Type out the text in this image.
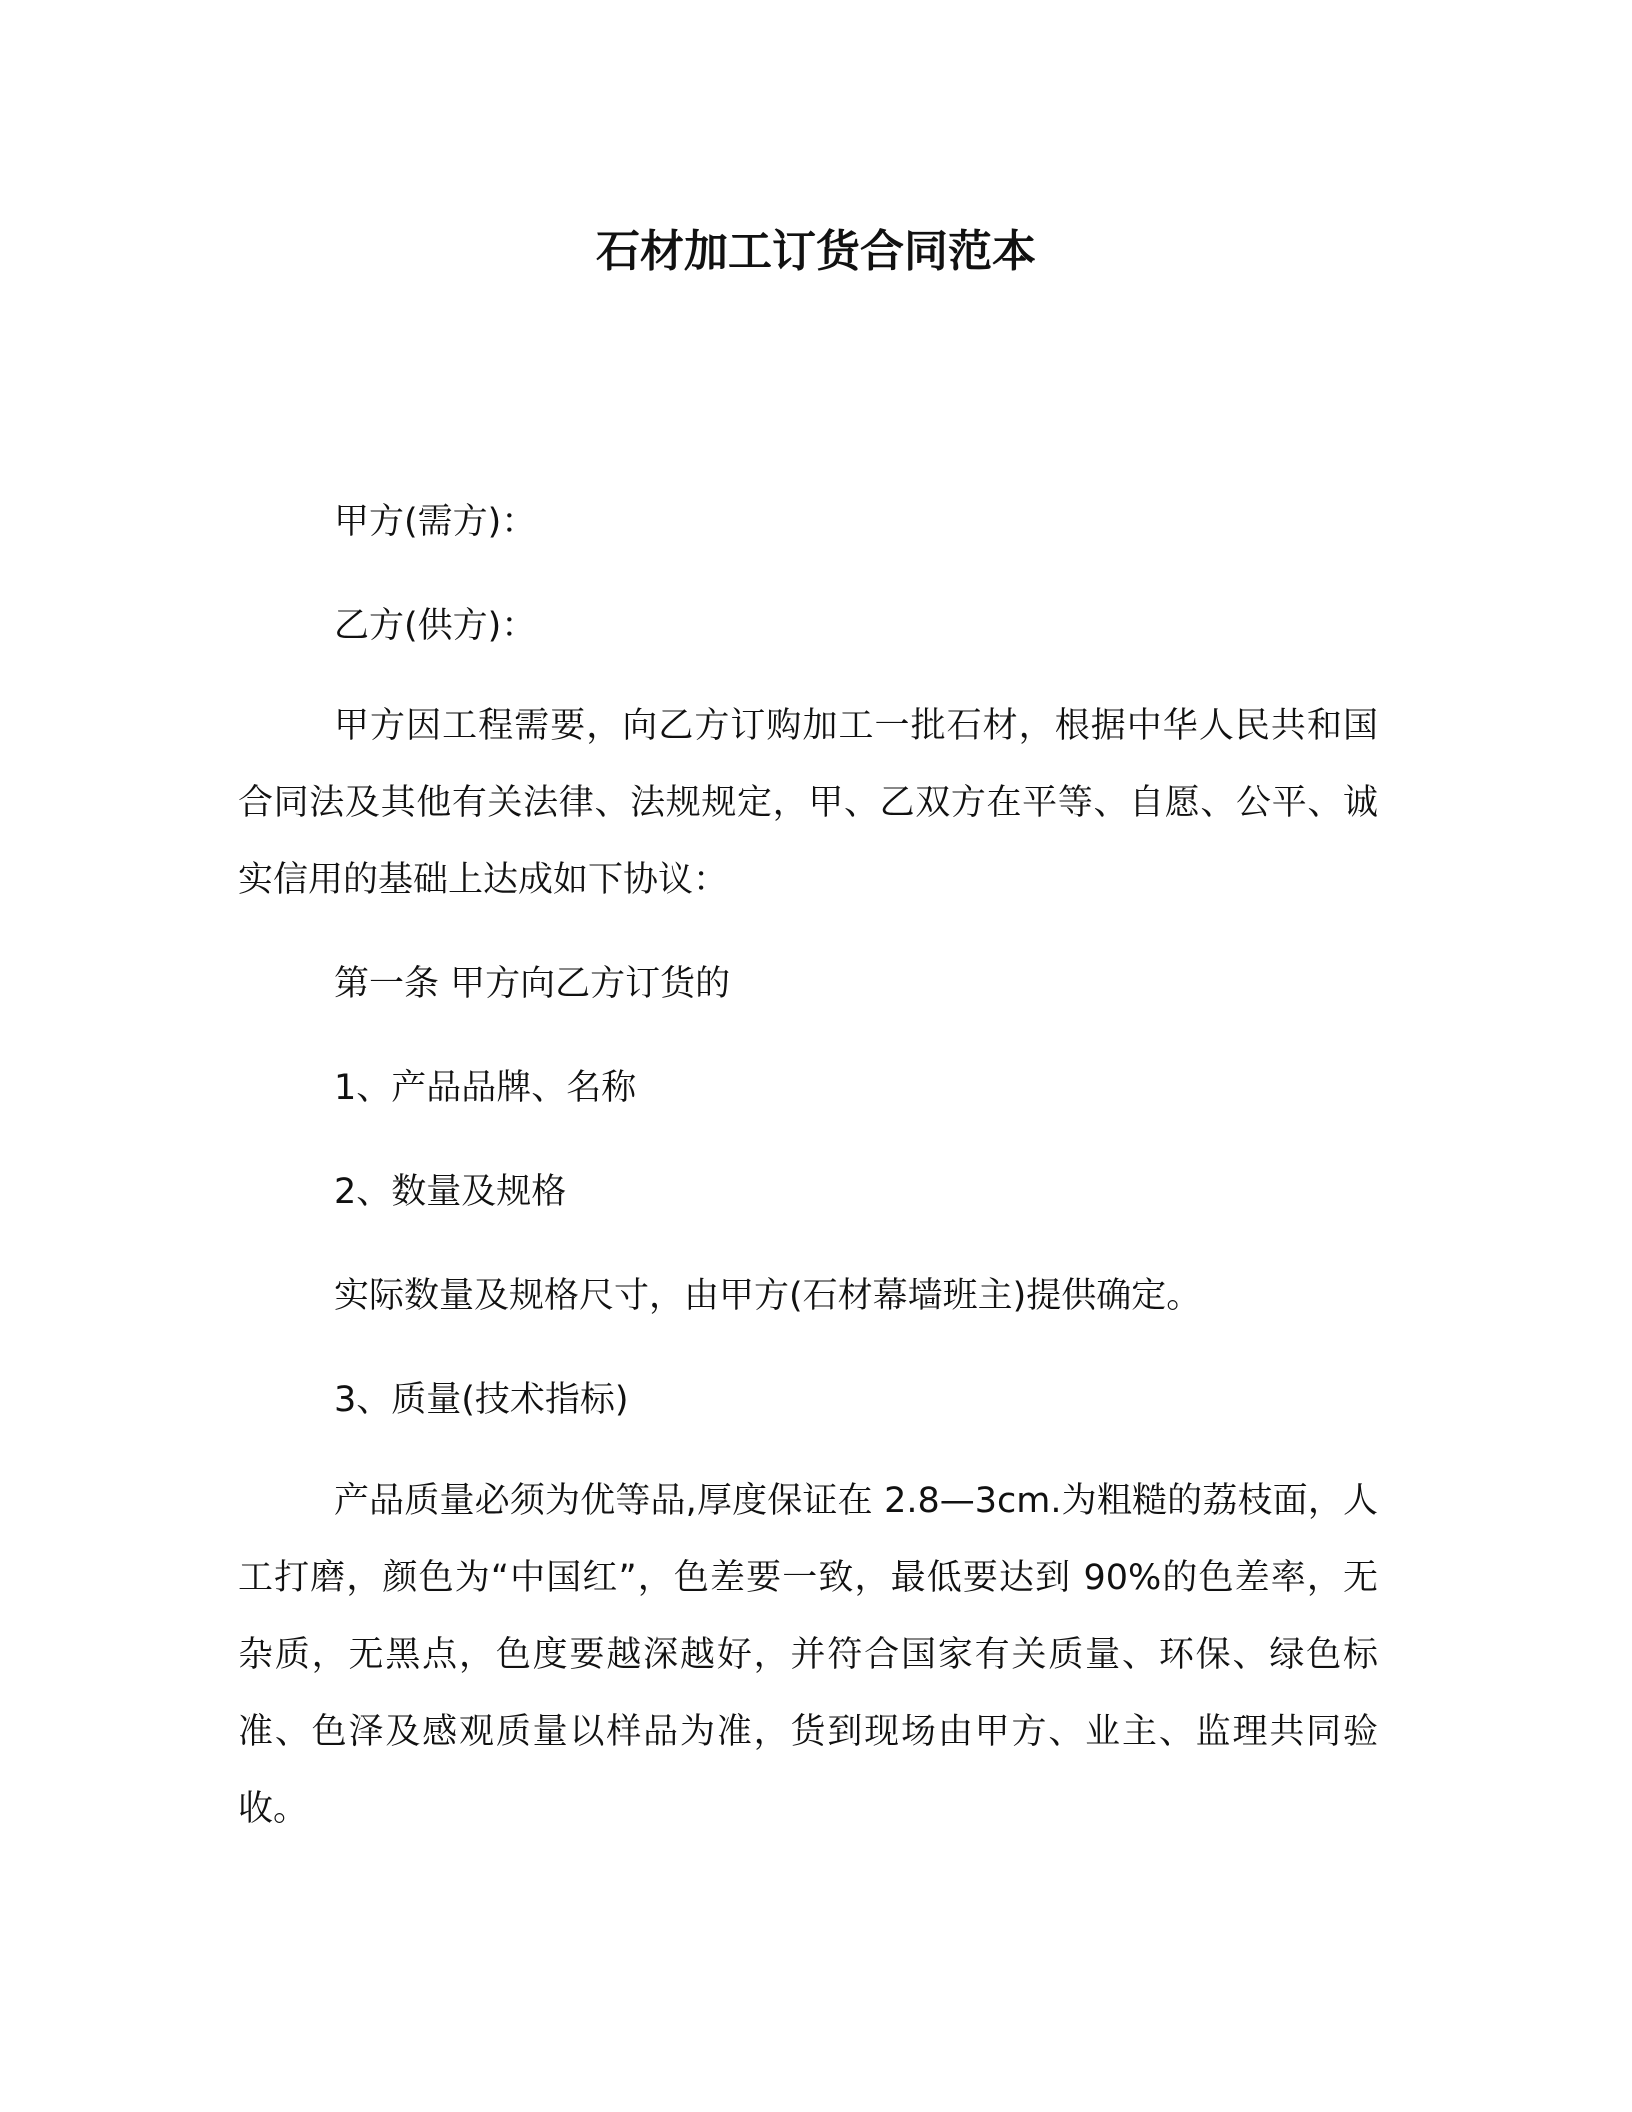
石材加工订货合同范本
甲方(需方)：
乙方(供方)：

甲方因工程需要，向乙方订购加工一批石材，根据中华人民共和国合同法及其他有关法律、法规规定，甲、乙双方在平等、自愿、公平、诚实信用的基础上达成如下协议：

第一条 甲方向乙方订货的
1、产品品牌、名称
2、数量及规格
实际数量及规格尺寸，由甲方(石材幕墙班主)提供确定。
3、质量(技术指标)

产品质量必须为优等品,厚度保证在 2.8—3cm.为粗糙的荔枝面，人工打磨，颜色为“中国红”，色差要一致，最低要达到 90%的色差率，无杂质，无黑点，色度要越深越好，并符合国家有关质量、环保、绿色标准、色泽及感观质量以样品为准，货到现场由甲方、业主、监理共同验收。
